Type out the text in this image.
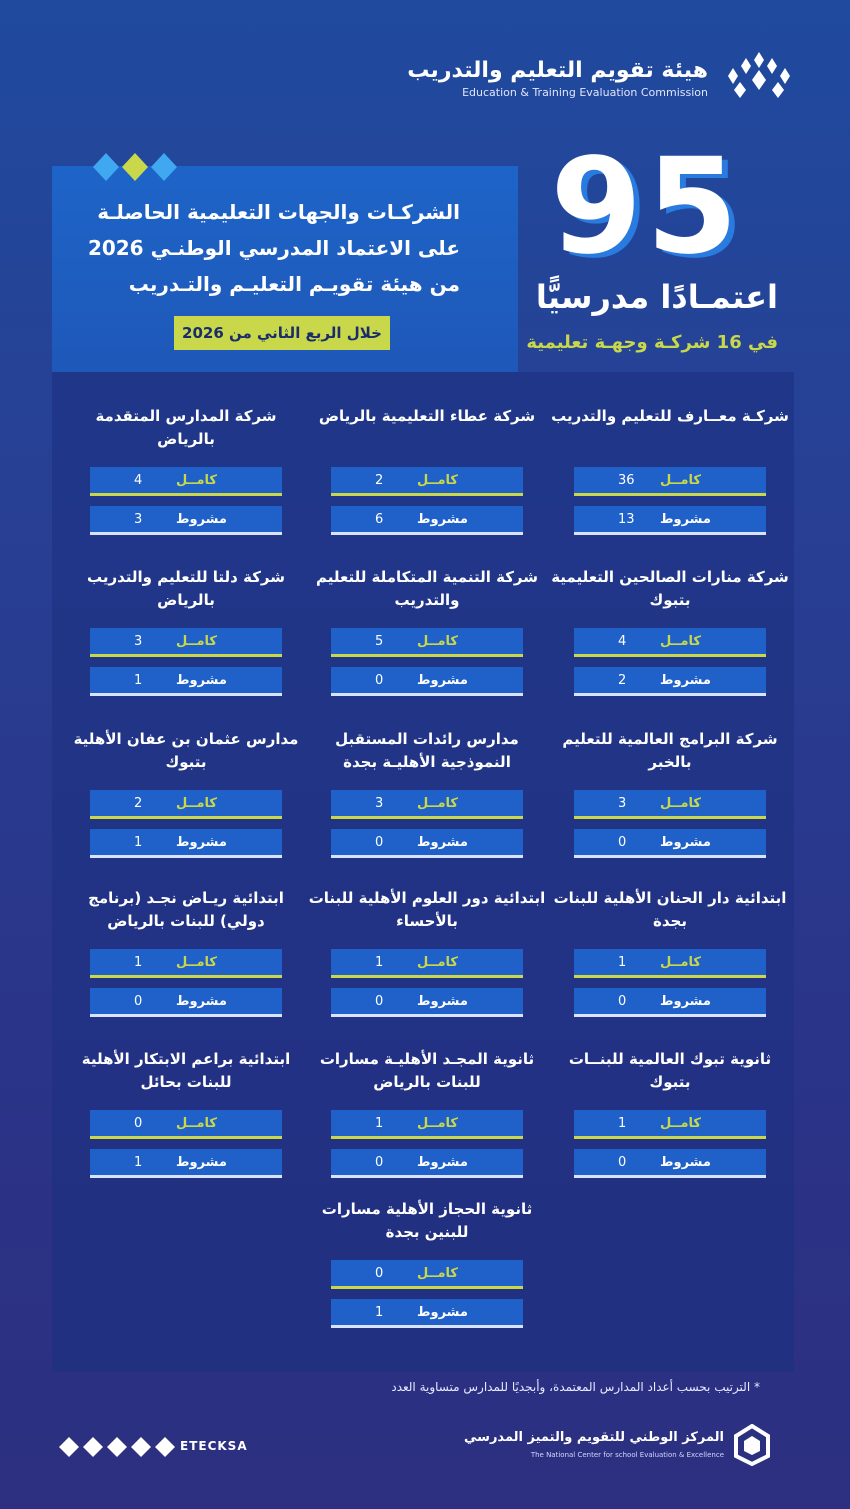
هيئة تقويم التعليم والتدريب
Education & Training Evaluation Commission
الشركـات والجهات التعليمية الحاصلـة
على الاعتماد المدرسي الوطنـي 2026
من هيئة تقويـم التعليـم والتـدريب
خلال الربع الثاني من 2026
95
اعتمـادًا مدرسيًّا
في 16 شركـة وجهـة تعليمية
شركـة معــارف للتعليم والتدريب
كامــل
36
مشروط
13
شركة عطاء التعليمية بالرياض
كامــل
2
مشروط
6
شركة المدارس المتقدمة بالرياض
كامــل
4
مشروط
3
شركة منارات الصالحين التعليمية بتبوك
كامــل
4
مشروط
2
شركة التنمية المتكاملة للتعليم والتدريب
كامــل
5
مشروط
0
شركة دلتا للتعليم والتدريب بالرياض
كامــل
3
مشروط
1
شركة البرامج العالمية للتعليم بالخبر
كامــل
3
مشروط
0
مدارس رائدات المستقبل النموذجية الأهليـة بجدة
كامــل
3
مشروط
0
مدارس عثمان بن عفان الأهلية بتبوك
كامــل
2
مشروط
1
ابتدائية دار الحنان الأهلية للبنات بجدة
كامــل
1
مشروط
0
ابتدائية دور العلوم الأهلية للبنات بالأحساء
كامــل
1
مشروط
0
ابتدائية ريـاض نجـد (برنامج دولي) للبنات بالرياض
كامــل
1
مشروط
0
ثانوية تبوك العالمية للبنــات بتبوك
كامــل
1
مشروط
0
ثانوية المجـد الأهليـة مسارات للبنات بالرياض
كامــل
1
مشروط
0
ابتدائية براعم الابتكار الأهلية للبنات بحائل
كامــل
0
مشروط
1
ثانوية الحجاز الأهلية مسارات للبنين بجدة
كامــل
0
مشروط
1
* الترتيب بحسب أعداد المدارس المعتمدة، وأبجديًا للمدارس متساوية العدد
المركز الوطني للتقويم والتميز المدرسي
The National Center for school Evaluation & Excellence
ETECKSA
